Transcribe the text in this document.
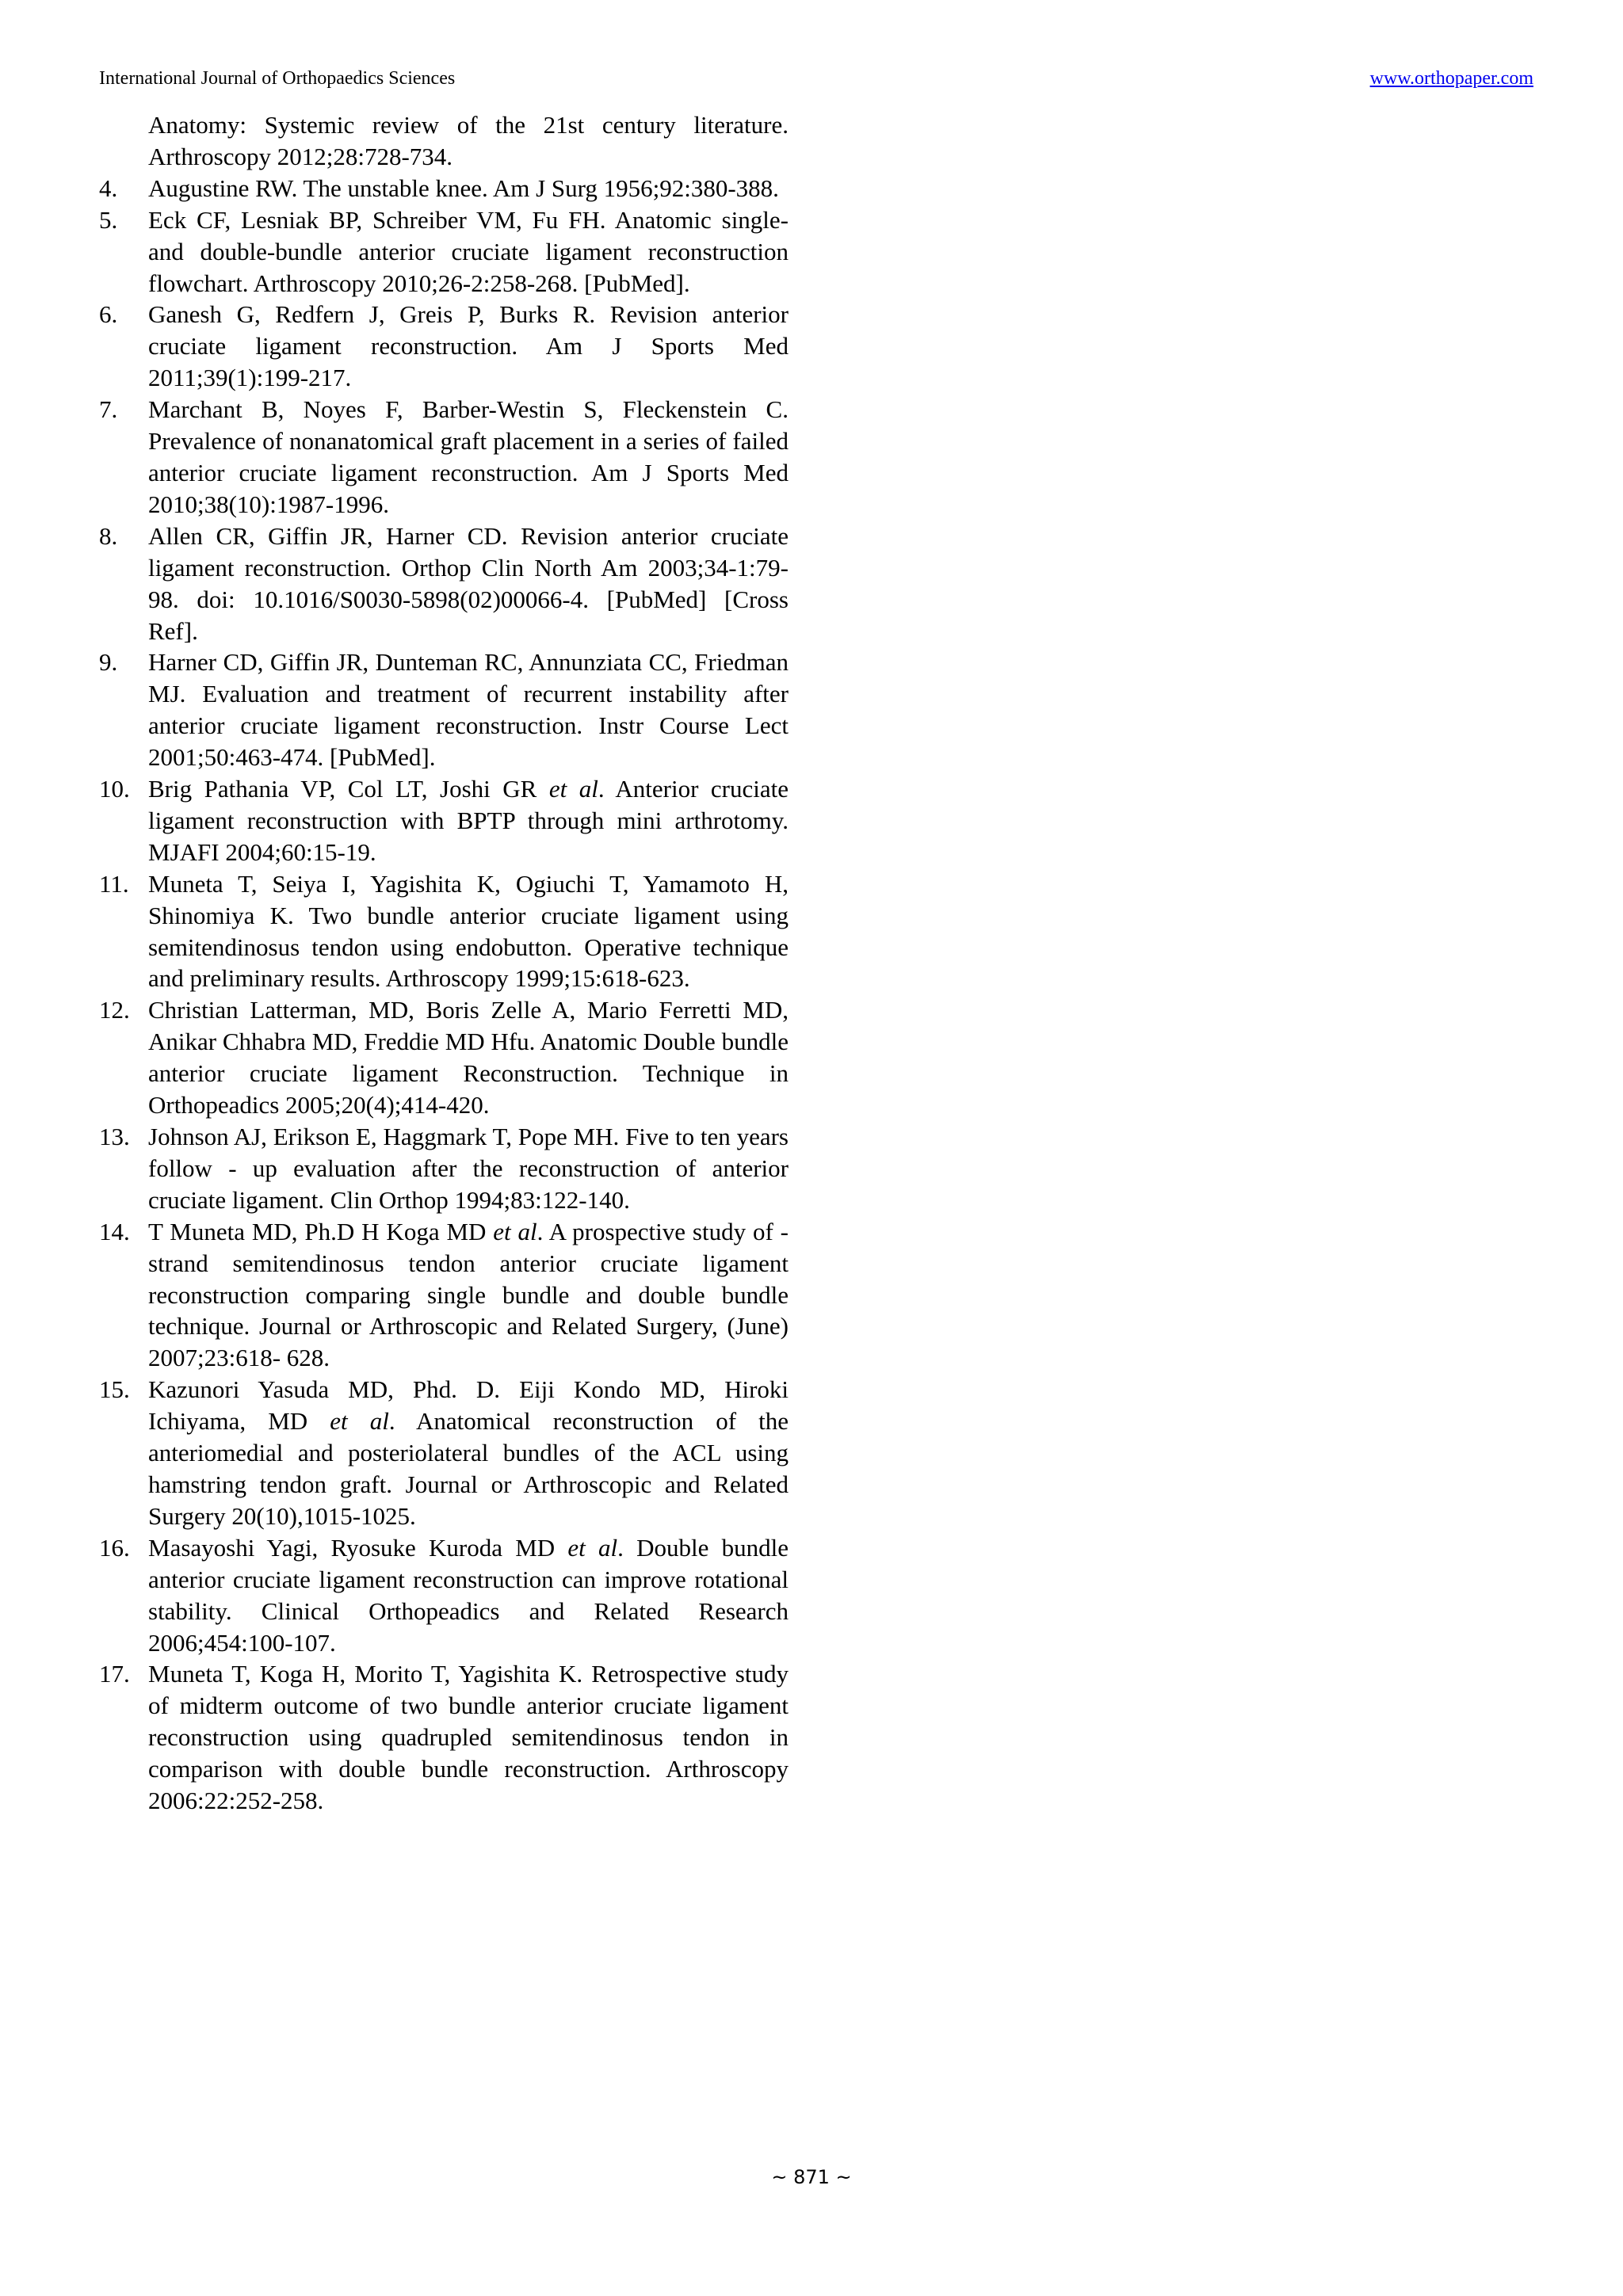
International Journal of Orthopaedics Sciences	www.orthopaper.com
Anatomy: Systemic review of the 21st century literature. Arthroscopy 2012;28:728-734.
4.	Augustine RW. The unstable knee. Am J Surg 1956;92:380-388.
5.	Eck CF, Lesniak BP, Schreiber VM, Fu FH. Anatomic single- and double-bundle anterior cruciate ligament reconstruction flowchart. Arthroscopy 2010;26-2:258-268. [PubMed].
6.	Ganesh G, Redfern J, Greis P, Burks R. Revision anterior cruciate ligament reconstruction. Am J Sports Med 2011;39(1):199-217.
7.	Marchant B, Noyes F, Barber-Westin S, Fleckenstein C. Prevalence of nonanatomical graft placement in a series of failed anterior cruciate ligament reconstruction. Am J Sports Med 2010;38(10):1987-1996.
8.	Allen CR, Giffin JR, Harner CD. Revision anterior cruciate ligament reconstruction. Orthop Clin North Am 2003;34-1:79-98. doi: 10.1016/S0030-5898(02)00066-4. [PubMed] [Cross Ref].
9.	Harner CD, Giffin JR, Dunteman RC, Annunziata CC, Friedman MJ. Evaluation and treatment of recurrent instability after anterior cruciate ligament reconstruction. Instr Course Lect 2001;50:463-474. [PubMed].
10. Brig Pathania VP, Col LT, Joshi GR et al. Anterior cruciate ligament reconstruction with BPTP through mini arthrotomy. MJAFI 2004;60:15-19.
11. Muneta T, Seiya I, Yagishita K, Ogiuchi T, Yamamoto H, Shinomiya K. Two bundle anterior cruciate ligament using semitendinosus tendon using endobutton. Operative technique and preliminary results. Arthroscopy 1999;15:618-623.
12. Christian Latterman, MD, Boris Zelle A, Mario Ferretti MD, Anikar Chhabra MD, Freddie MD Hfu. Anatomic Double bundle anterior cruciate ligament Reconstruction. Technique in Orthopeadics 2005;20(4);414-420.
13. Johnson AJ, Erikson E, Haggmark T, Pope MH. Five to ten years follow - up evaluation after the reconstruction of anterior cruciate ligament. Clin Orthop 1994;83:122-140.
14. T Muneta MD, Ph.D H Koga MD et al. A prospective study of - strand semitendinosus tendon anterior cruciate ligament reconstruction comparing single bundle and double bundle technique. Journal or Arthroscopic and Related Surgery, (June) 2007;23:618- 628.
15. Kazunori Yasuda MD, Phd. D. Eiji Kondo MD, Hiroki Ichiyama, MD et al. Anatomical reconstruction of the anteriomedial and posteriolateral bundles of the ACL using hamstring tendon graft. Journal or Arthroscopic and Related Surgery 20(10),1015-1025.
16. Masayoshi Yagi, Ryosuke Kuroda MD et al. Double bundle anterior cruciate ligament reconstruction can improve rotational stability. Clinical Orthopeadics and Related Research 2006;454:100-107.
17. Muneta T, Koga H, Morito T, Yagishita K. Retrospective study of midterm outcome of two bundle anterior cruciate ligament reconstruction using quadrupled semitendinosus tendon in comparison with double bundle reconstruction. Arthroscopy 2006:22:252-258.
~ 871 ~
